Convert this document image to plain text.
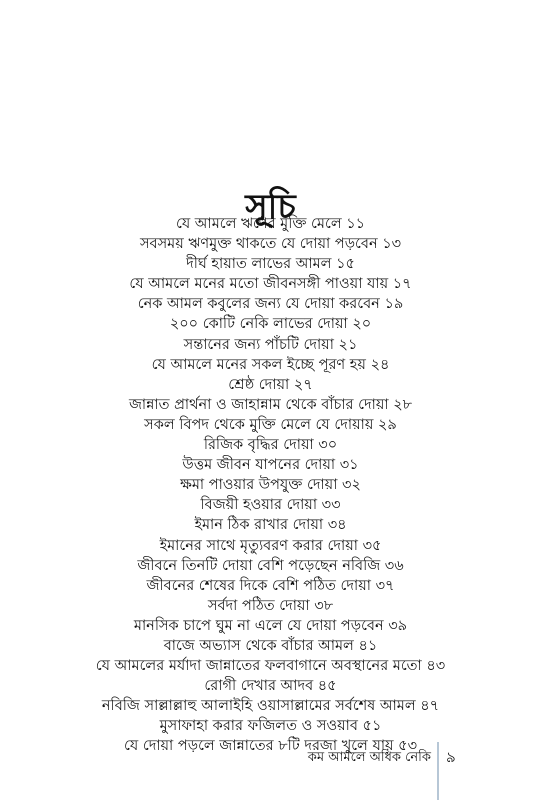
সূচি
যে আমলে ঋণের মুক্তি মেলে ১১
সবসময় ঋণমুক্ত থাকতে যে দোয়া পড়বেন ১৩
দীর্ঘ হায়াত লাভের আমল ১৫
যে আমলে মনের মতো জীবনসঙ্গী পাওয়া যায় ১৭
নেক আমল কবুলের জন্য যে দোয়া করবেন ১৯
২০০ কোটি নেকি লাভের দোয়া ২০
সন্তানের জন্য পাঁচটি দোয়া ২১
যে আমলে মনের সকল ইচ্ছে পূরণ হয় ২৪
শ্রেষ্ঠ দোয়া ২৭
জান্নাত প্রার্থনা ও জাহান্নাম থেকে বাঁচার দোয়া ২৮
সকল বিপদ থেকে মুক্তি মেলে যে দোয়ায় ২৯
রিজিক বৃদ্ধির দোয়া ৩০
উত্তম জীবন যাপনের দোয়া ৩১
ক্ষমা পাওয়ার উপযুক্ত দোয়া ৩২
বিজয়ী হওয়ার দোয়া ৩৩
ইমান ঠিক রাখার দোয়া ৩৪
ইমানের সাথে মৃত্যুবরণ করার দোয়া ৩৫
জীবনে তিনটি দোয়া বেশি পড়েছেন নবিজি ৩৬
জীবনের শেষের দিকে বেশি পঠিত দোয়া ৩৭
সর্বদা পঠিত দোয়া ৩৮
মানসিক চাপে ঘুম না এলে যে দোয়া পড়বেন ৩৯
বাজে অভ্যাস থেকে বাঁচার আমল ৪১
যে আমলের মর্যাদা জান্নাতের ফলবাগানে অবস্থানের মতো ৪৩
রোগী দেখার আদব ৪৫
নবিজি সাল্লাল্লাহু আলাইহি ওয়াসাল্লামের সর্বশেষ আমল ৪৭
মুসাফাহা করার ফজিলত ও সওয়াব ৫১
যে দোয়া পড়লে জান্নাতের ৮টি দরজা খুলে যায় ৫৩
কম আমলে অধিক নেকি ৯
